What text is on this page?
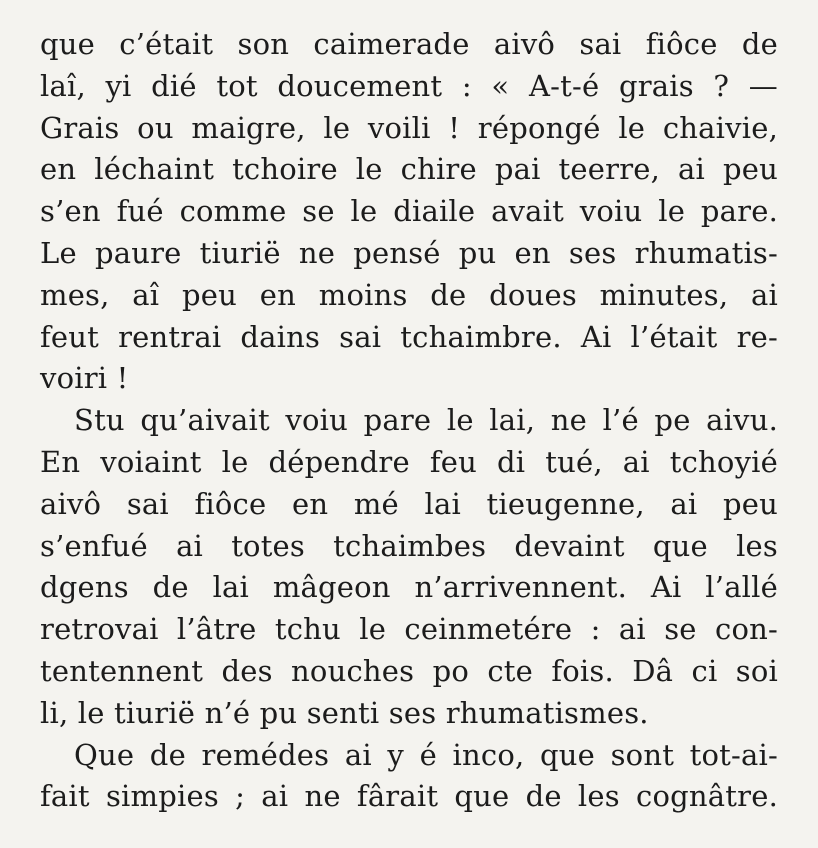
que c’était son caimerade aivô sai fiôce de
laî, yi dié tot doucement : « A-t-é grais ? —
Grais ou maigre, le voili ! répongé le chaivie,
en léchaint tchoire le chire pai teerre, ai peu
s’en fué comme se le diaile avait voiu le pare.
Le paure tiurië ne pensé pu en ses rhumatis-
mes, aî peu en moins de doues minutes, ai
feut rentrai dains sai tchaimbre. Ai l’était re-
voiri !
Stu qu’aivait voiu pare le lai, ne l’é pe aivu.
En voiaint le dépendre feu di tué, ai tchoyié
aivô sai fiôce en mé lai tieugenne, ai peu
s’enfué ai totes tchaimbes devaint que les
dgens de lai mâgeon n’arrivennent. Ai l’allé
retrovai l’âtre tchu le ceinmetére : ai se con-
tentennent des nouches po cte fois. Dâ ci soi
li, le tiurië n’é pu senti ses rhumatismes.
Que de remédes ai y é inco, que sont tot-ai-
fait simpies ; ai ne fârait que de les cognâtre.
